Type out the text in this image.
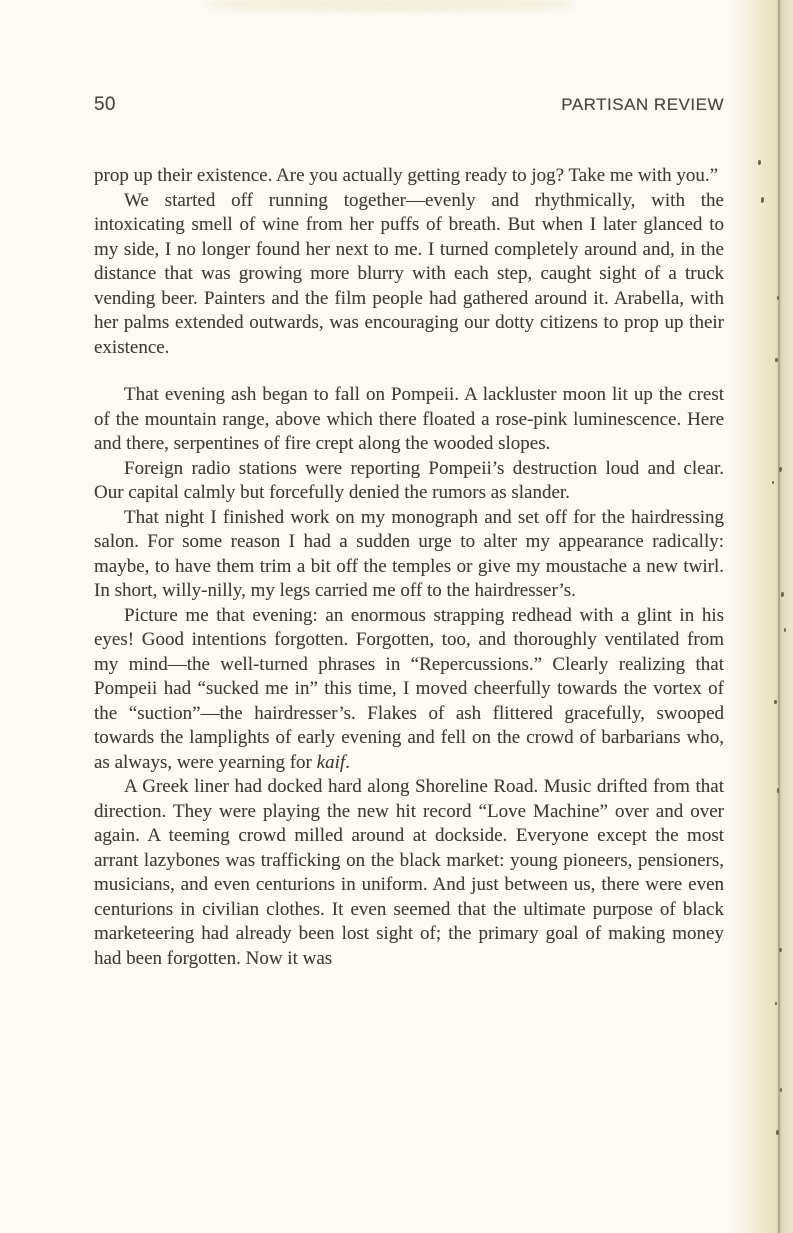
50	PARTISAN REVIEW

prop up their existence. Are you actually getting ready to jog? Take me with you.”

We started off running together—evenly and rhythmically, with the intoxicating smell of wine from her puffs of breath. But when I later glanced to my side, I no longer found her next to me. I turned completely around and, in the distance that was growing more blurry with each step, caught sight of a truck vending beer. Painters and the film people had gathered around it. Arabella, with her palms extended outwards, was encouraging our dotty citizens to prop up their existence.

That evening ash began to fall on Pompeii. A lackluster moon lit up the crest of the mountain range, above which there floated a rose-pink luminescence. Here and there, serpentines of fire crept along the wooded slopes.

Foreign radio stations were reporting Pompeii’s destruction loud and clear. Our capital calmly but forcefully denied the rumors as slander.

That night I finished work on my monograph and set off for the hairdressing salon. For some reason I had a sudden urge to alter my appearance radically: maybe, to have them trim a bit off the temples or give my moustache a new twirl. In short, willy-nilly, my legs carried me off to the hairdresser’s.

Picture me that evening: an enormous strapping redhead with a glint in his eyes! Good intentions forgotten. Forgotten, too, and thoroughly ventilated from my mind—the well-turned phrases in “Repercussions.” Clearly realizing that Pompeii had “sucked me in” this time, I moved cheerfully towards the vortex of the “suction”—the hairdresser’s. Flakes of ash flittered gracefully, swooped towards the lamplights of early evening and fell on the crowd of barbarians who, as always, were yearning for kaif.

A Greek liner had docked hard along Shoreline Road. Music drifted from that direction. They were playing the new hit record “Love Machine” over and over again. A teeming crowd milled around at dockside. Everyone except the most arrant lazybones was trafficking on the black market: young pioneers, pensioners, musicians, and even centurions in uniform. And just between us, there were even centurions in civilian clothes. It even seemed that the ultimate purpose of black marketeering had already been lost sight of; the primary goal of making money had been forgotten. Now it was
